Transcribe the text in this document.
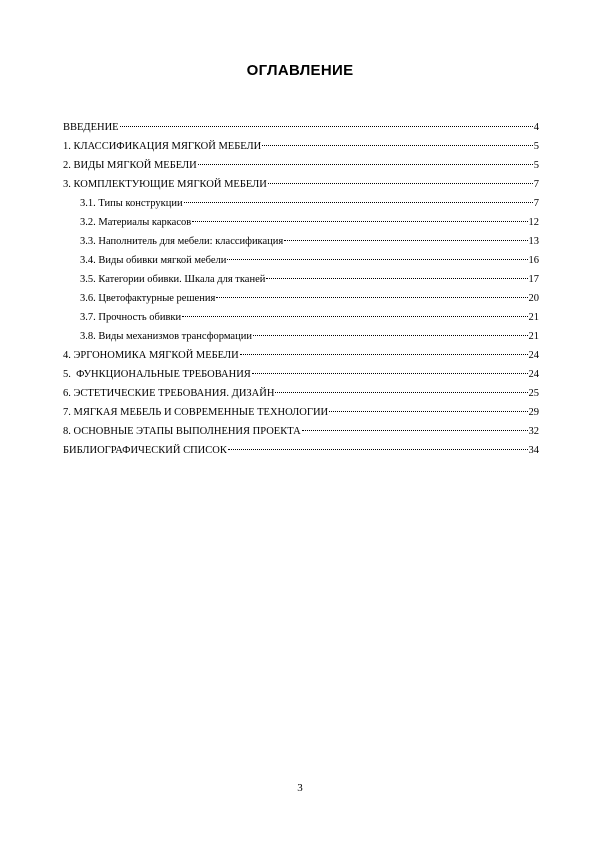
ОГЛАВЛЕНИЕ
ВВЕДЕНИЕ	4
1. КЛАССИФИКАЦИЯ МЯГКОЙ МЕБЕЛИ	5
2. ВИДЫ МЯГКОЙ МЕБЕЛИ	5
3. КОМПЛЕКТУЮЩИЕ МЯГКОЙ МЕБЕЛИ	7
3.1. Типы конструкции	7
3.2. Материалы каркасов	12
3.3. Наполнитель для мебели: классификация	13
3.4. Виды обивки мягкой мебели	16
3.5. Категории обивки. Шкала для тканей	17
3.6. Цветофактурные решения	20
3.7. Прочность обивки	21
3.8. Виды механизмов трансформации	21
4. ЭРГОНОМИКА МЯГКОЙ МЕБЕЛИ	24
5.  ФУНКЦИОНАЛЬНЫЕ ТРЕБОВАНИЯ	24
6. ЭСТЕТИЧЕСКИЕ ТРЕБОВАНИЯ. ДИЗАЙН	25
7. МЯГКАЯ МЕБЕЛЬ И СОВРЕМЕННЫЕ ТЕХНОЛОГИИ	29
8. ОСНОВНЫЕ ЭТАПЫ ВЫПОЛНЕНИЯ ПРОЕКТА	32
БИБЛИОГРАФИЧЕСКИЙ СПИСОК	34
3
